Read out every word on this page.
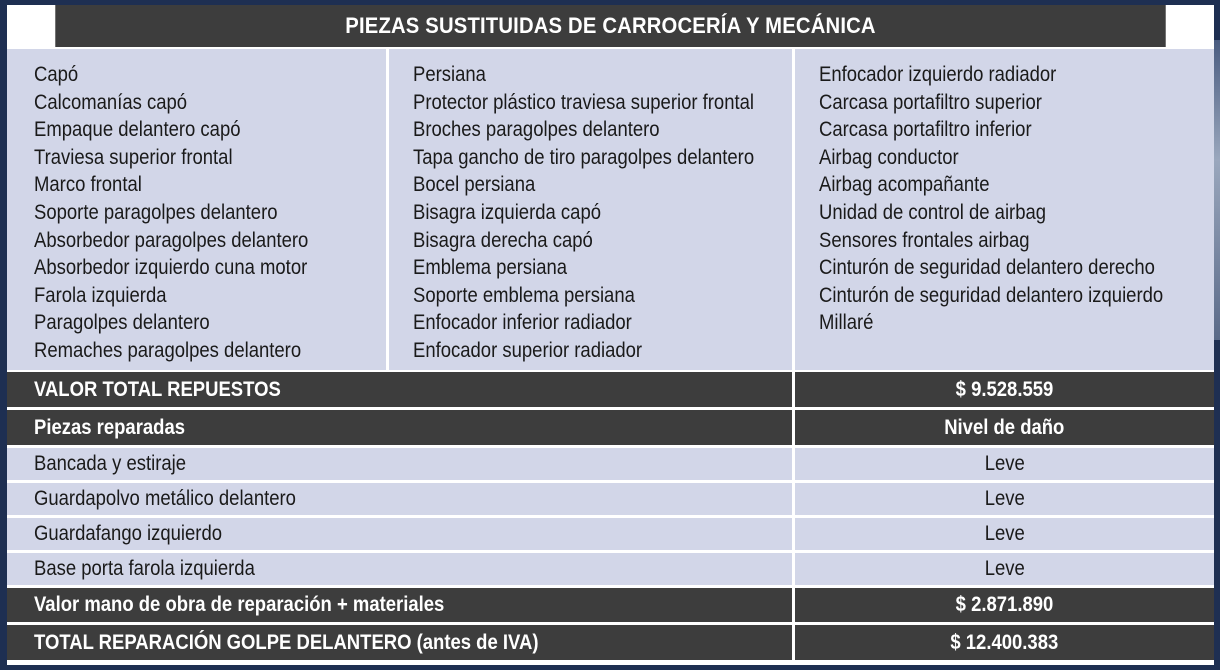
PIEZAS SUSTITUIDAS DE CARROCERÍA Y MECÁNICA
Capó
Calcomanías capó
Empaque delantero capó
Traviesa superior frontal
Marco frontal
Soporte paragolpes delantero
Absorbedor paragolpes delantero
Absorbedor izquierdo cuna motor
Farola izquierda
Paragolpes delantero
Remaches paragolpes delantero
Persiana
Protector plástico traviesa superior frontal
Broches paragolpes delantero
Tapa gancho de tiro paragolpes delantero
Bocel persiana
Bisagra izquierda capó
Bisagra derecha capó
Emblema persiana
Soporte emblema persiana
Enfocador inferior radiador
Enfocador superior radiador
Enfocador izquierdo radiador
Carcasa portafiltro superior
Carcasa portafiltro inferior
Airbag conductor
Airbag acompañante
Unidad de control de airbag
Sensores frontales airbag
Cinturón de seguridad delantero derecho
Cinturón de seguridad delantero izquierdo
Millaré
VALOR TOTAL REPUESTOS	$ 9.528.559
Piezas reparadas	Nivel de daño
Bancada y estiraje	Leve
Guardapolvo metálico delantero	Leve
Guardafango izquierdo	Leve
Base porta farola izquierda	Leve
Valor mano de obra de reparación + materiales	$ 2.871.890
TOTAL REPARACIÓN GOLPE DELANTERO (antes de IVA)	$ 12.400.383
